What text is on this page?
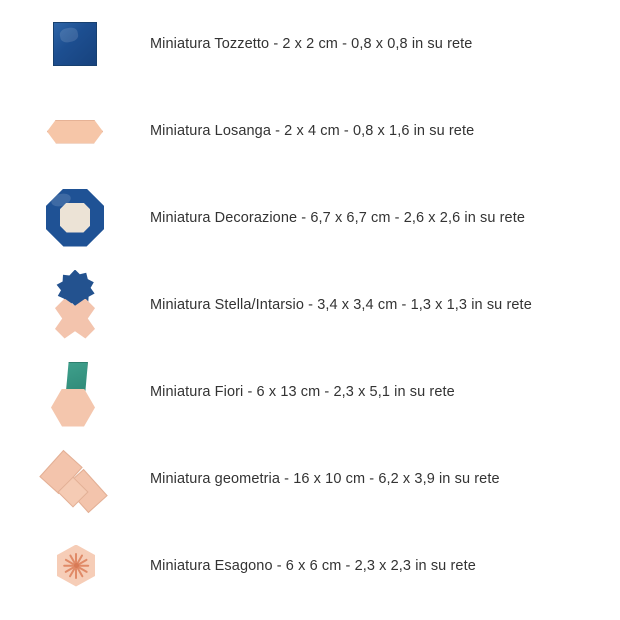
Miniatura Tozzetto - 2 x 2 cm - 0,8 x 0,8 in su rete
Miniatura Losanga - 2 x 4 cm - 0,8 x 1,6 in su rete
Miniatura Decorazione - 6,7 x 6,7 cm - 2,6 x 2,6 in su rete
Miniatura Stella/Intarsio - 3,4 x 3,4 cm - 1,3 x 1,3 in su rete
Miniatura Fiori - 6 x 13 cm - 2,3 x 5,1 in su rete
Miniatura geometria - 16 x 10 cm - 6,2 x 3,9 in su rete
Miniatura Esagono - 6 x 6 cm - 2,3 x 2,3 in su rete
